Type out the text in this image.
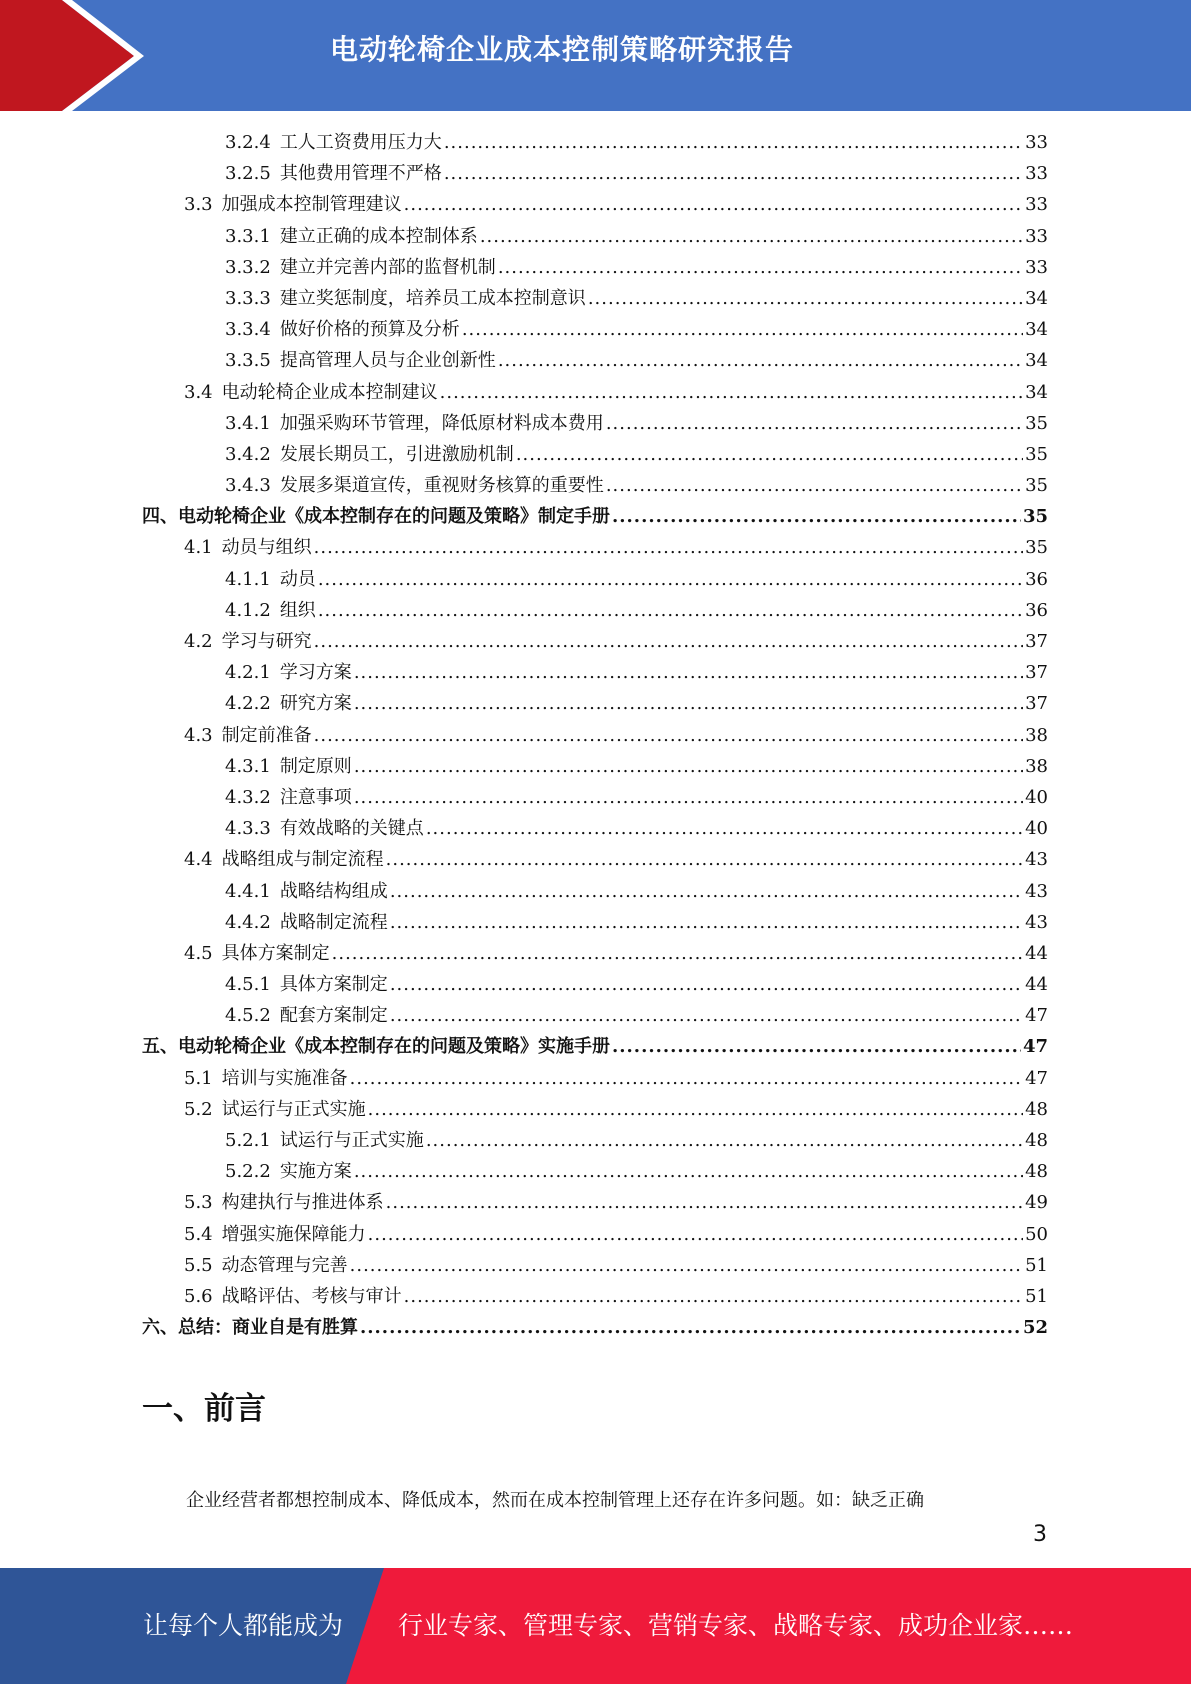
电动轮椅企业成本控制策略研究报告
3.2.4 工人工资费用压力大 .....	33
3.2.5 其他费用管理不严格 .....	33
3.3 加强成本控制管理建议 .....	33
3.3.1 建立正确的成本控制体系 .....	33
3.3.2 建立并完善内部的监督机制 .....	33
3.3.3 建立奖惩制度，培养员工成本控制意识 .....	34
3.3.4 做好价格的预算及分析 .....	34
3.3.5 提高管理人员与企业创新性 .....	34
3.4 电动轮椅企业成本控制建议 .....	34
3.4.1 加强采购环节管理，降低原材料成本费用 .....	35
3.4.2 发展长期员工，引进激励机制 .....	35
3.4.3 发展多渠道宣传，重视财务核算的重要性 .....	35
四、电动轮椅企业《成本控制存在的问题及策略》制定手册 .....	35
4.1 动员与组织 .....	35
4.1.1 动员 .....	36
4.1.2 组织 .....	36
4.2 学习与研究 .....	37
4.2.1 学习方案 .....	37
4.2.2 研究方案 .....	37
4.3 制定前准备 .....	38
4.3.1 制定原则 .....	38
4.3.2 注意事项 .....	40
4.3.3 有效战略的关键点 .....	40
4.4 战略组成与制定流程 .....	43
4.4.1 战略结构组成 .....	43
4.4.2 战略制定流程 .....	43
4.5 具体方案制定 .....	44
4.5.1 具体方案制定 .....	44
4.5.2 配套方案制定 .....	47
五、电动轮椅企业《成本控制存在的问题及策略》实施手册 .....	47
5.1 培训与实施准备 .....	47
5.2 试运行与正式实施 .....	48
5.2.1 试运行与正式实施 .....	48
5.2.2 实施方案 .....	48
5.3 构建执行与推进体系 .....	49
5.4 增强实施保障能力 .....	50
5.5 动态管理与完善 .....	51
5.6 战略评估、考核与审计 .....	51
六、总结：商业自是有胜算 .....	52
一、前言
企业经营者都想控制成本、降低成本，然而在成本控制管理上还存在许多问题。如：缺乏正确
3
让每个人都能成为 行业专家、管理专家、营销专家、战略专家、成功企业家……
